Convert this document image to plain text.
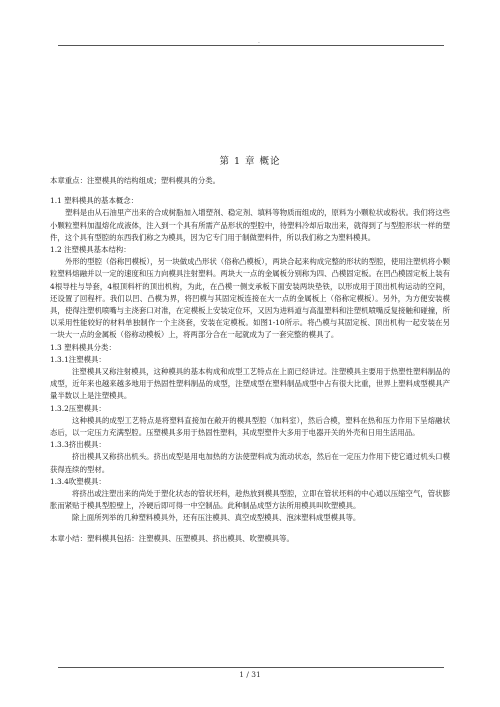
.
第 1 章 概论

本章重点：注塑模具的结构组成；塑料模具的分类。

1.1 塑料模具的基本概念：

塑料是由从石油里产出来的合成树脂加入增塑剂、稳定剂、填料等物质而组成的，原料为小颗粒状或粉状。我们将这些小颗粒塑料加温熔化成液体，注入到一个具有所需产品形状的型腔中，待塑料冷却后取出来，就得到了与型腔形状一样的塑件，这个具有型腔的东西我们称之为模具，因为它专门用于制做塑料件，所以我们称之为塑料模具。

1.2 注塑模具基本结构：

外形的型腔（俗称凹模板），另一块做成凸形状（俗称凸模板），两块合起来构成完整的形状的型腔，使用注塑机将小颗粒塑料熔融并以一定的速度和压力向模具注射塑料。两块大一点的金属板分别称为四、凸模固定板。在凹凸模固定板上装有4根导柱与导套，4根顶料杆的顶出机构，为此，在凸模一侧支承板下面安装两块垫铁，以形成用于顶出机构运动的空间，还设置了回程杆。我们以凹、凸模为界，将凹模与其固定板连接在大一点的金属板上（俗称定模板）。另外，为方便安装模具，使得注塑机喷嘴与主浇套口对准，在定模板上安装定位环，又因为进料道与高温塑料和注塑机喷嘴反复接触和碰撞，所以采用性能较好的材料单独制作一个主浇套，安装在定模板。如图1-10所示。将凸模与其固定板、顶出机构一起安装在另一块大一点的金属板（俗称动模板）上，将两部分合在一起就成为了一套完整的模具了。

1.3 塑料模具分类：

1.3.1注塑模具：

注塑模具又称注射模具，这种模具的基本构成和成型工艺特点在上面已经讲过。注塑模具主要用于热塑性塑料制品的成型，近年来也越来越多地用于热固性塑料制品的成型，注塑成型在塑料制品成型中占有很大比重，世界上塑料成型模具产量半数以上是注塑模具。

1.3.2压塑模具：

这种模具的成型工艺特点是将塑料直接加在敞开的模具型腔（加料室），然后合模，塑料在热和压力作用下呈熔融状态后，以一定压力充满型腔。压塑模具多用于热固性塑料，其成型塑件大多用于电器开关的外壳和日用生活用品。

1.3.3挤出模具：

挤出模具又称挤出机头。挤出成型是用电加热的方法使塑料成为流动状态，然后在一定压力作用下使它通过机头口模获得连续的型材。

1.3.4吹塑模具：

将挤出或注塑出来的尚处于塑化状态的管状坯料，趁热放到模具型腔，立即在管状坯料的中心通以压缩空气，管状膨胀而紧贴于模具型腔壁上，冷硬后即可得一中空制品。此种制品成型方法所用模具叫吹塑模具。

除上面所列举的几种塑料模具外，还有压注模具、真空成型模具、泡沫塑料成型模具等。

本章小结：塑料模具包括：注塑模具、压塑模具、挤出模具、吹塑模具等。

1 / 31
